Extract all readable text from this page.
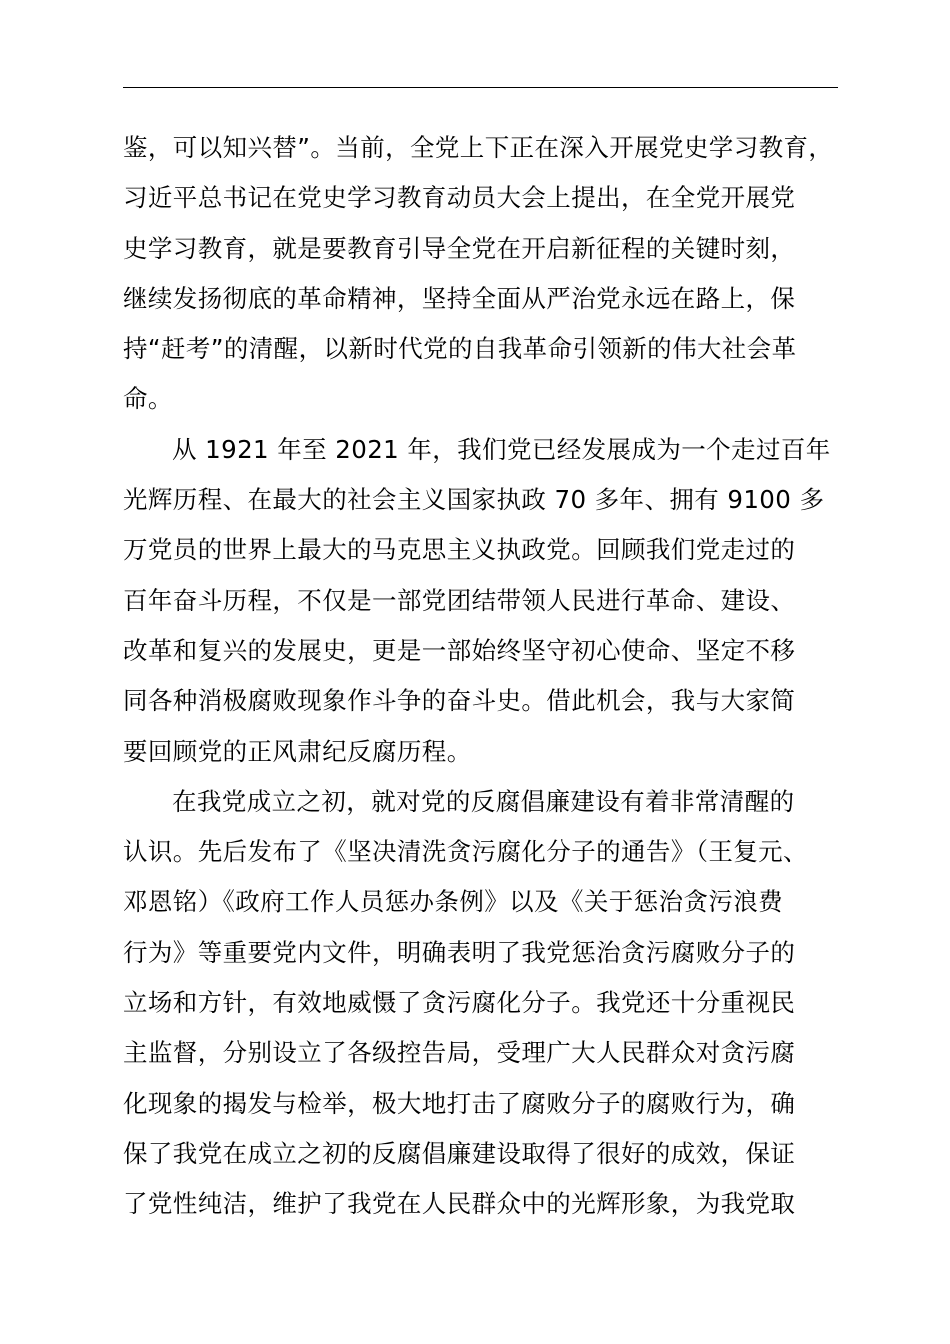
鉴，可以知兴替”。当前，全党上下正在深入开展党史学习教育，
习近平总书记在党史学习教育动员大会上提出，在全党开展党
史学习教育，就是要教育引导全党在开启新征程的关键时刻，
继续发扬彻底的革命精神，坚持全面从严治党永远在路上，保
持“赶考”的清醒，以新时代党的自我革命引领新的伟大社会革
命。
从 1921 年至 2021 年，我们党已经发展成为一个走过百年
光辉历程、在最大的社会主义国家执政 70 多年、拥有 9100 多
万党员的世界上最大的马克思主义执政党。回顾我们党走过的
百年奋斗历程，不仅是一部党团结带领人民进行革命、建设、
改革和复兴的发展史，更是一部始终坚守初心使命、坚定不移
同各种消极腐败现象作斗争的奋斗史。借此机会，我与大家简
要回顾党的正风肃纪反腐历程。
在我党成立之初，就对党的反腐倡廉建设有着非常清醒的
认识。先后发布了《坚决清洗贪污腐化分子的通告》（王复元、
邓恩铭）《政府工作人员惩办条例》以及《关于惩治贪污浪费
行为》等重要党内文件，明确表明了我党惩治贪污腐败分子的
立场和方针，有效地威慑了贪污腐化分子。我党还十分重视民
主监督，分别设立了各级控告局，受理广大人民群众对贪污腐
化现象的揭发与检举，极大地打击了腐败分子的腐败行为，确
保了我党在成立之初的反腐倡廉建设取得了很好的成效，保证
了党性纯洁，维护了我党在人民群众中的光辉形象，为我党取
